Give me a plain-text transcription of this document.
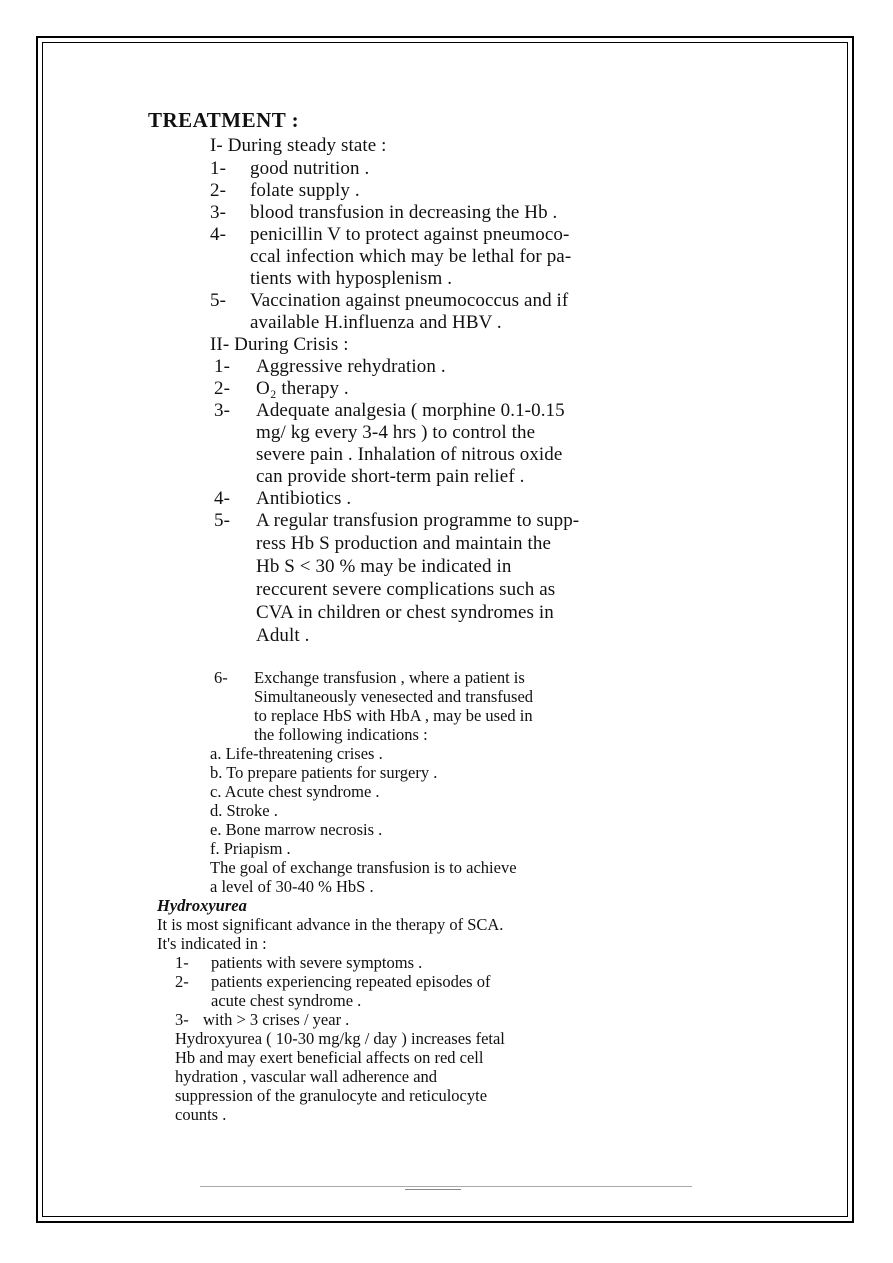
TREATMENT :
I- During steady state :
1- good nutrition .
2- folate supply .
3- blood transfusion in decreasing the Hb .
4- penicillin V to protect against pneumoco-
ccal infection which may be lethal for pa-
tients with hyposplenism .
5- Vaccination against pneumococcus and if
available H.influenza and HBV .
II- During Crisis :
1- Aggressive rehydration .
2- O₂ therapy .
3- Adequate analgesia ( morphine 0.1-0.15
mg/ kg every 3-4 hrs ) to control the
severe pain . Inhalation of nitrous oxide
can provide short-term pain relief .
4- Antibiotics .
5- A regular transfusion programme to supp-
ress Hb S production and maintain the
Hb S < 30 % may be indicated in
reccurent severe complications such as
CVA in children or chest syndromes in
Adult .
6- Exchange transfusion , where a patient is
Simultaneously venesected and transfused
to replace HbS with HbA , may be used in
the following indications :
a. Life-threatening crises .
b. To prepare patients for surgery .
c. Acute chest syndrome .
d. Stroke .
e. Bone marrow necrosis .
f. Priapism .
The goal of exchange transfusion is to achieve
a level of 30-40 % HbS .
Hydroxyurea
It is most significant advance in the therapy of SCA.
It's indicated in :
1- patients with severe symptoms .
2- patients experiencing repeated episodes of
acute chest syndrome .
3- with > 3 crises / year .
Hydroxyurea ( 10-30 mg/kg / day ) increases fetal
Hb and may exert beneficial affects on red cell
hydration , vascular wall adherence and
suppression of the granulocyte and reticulocyte
counts .
